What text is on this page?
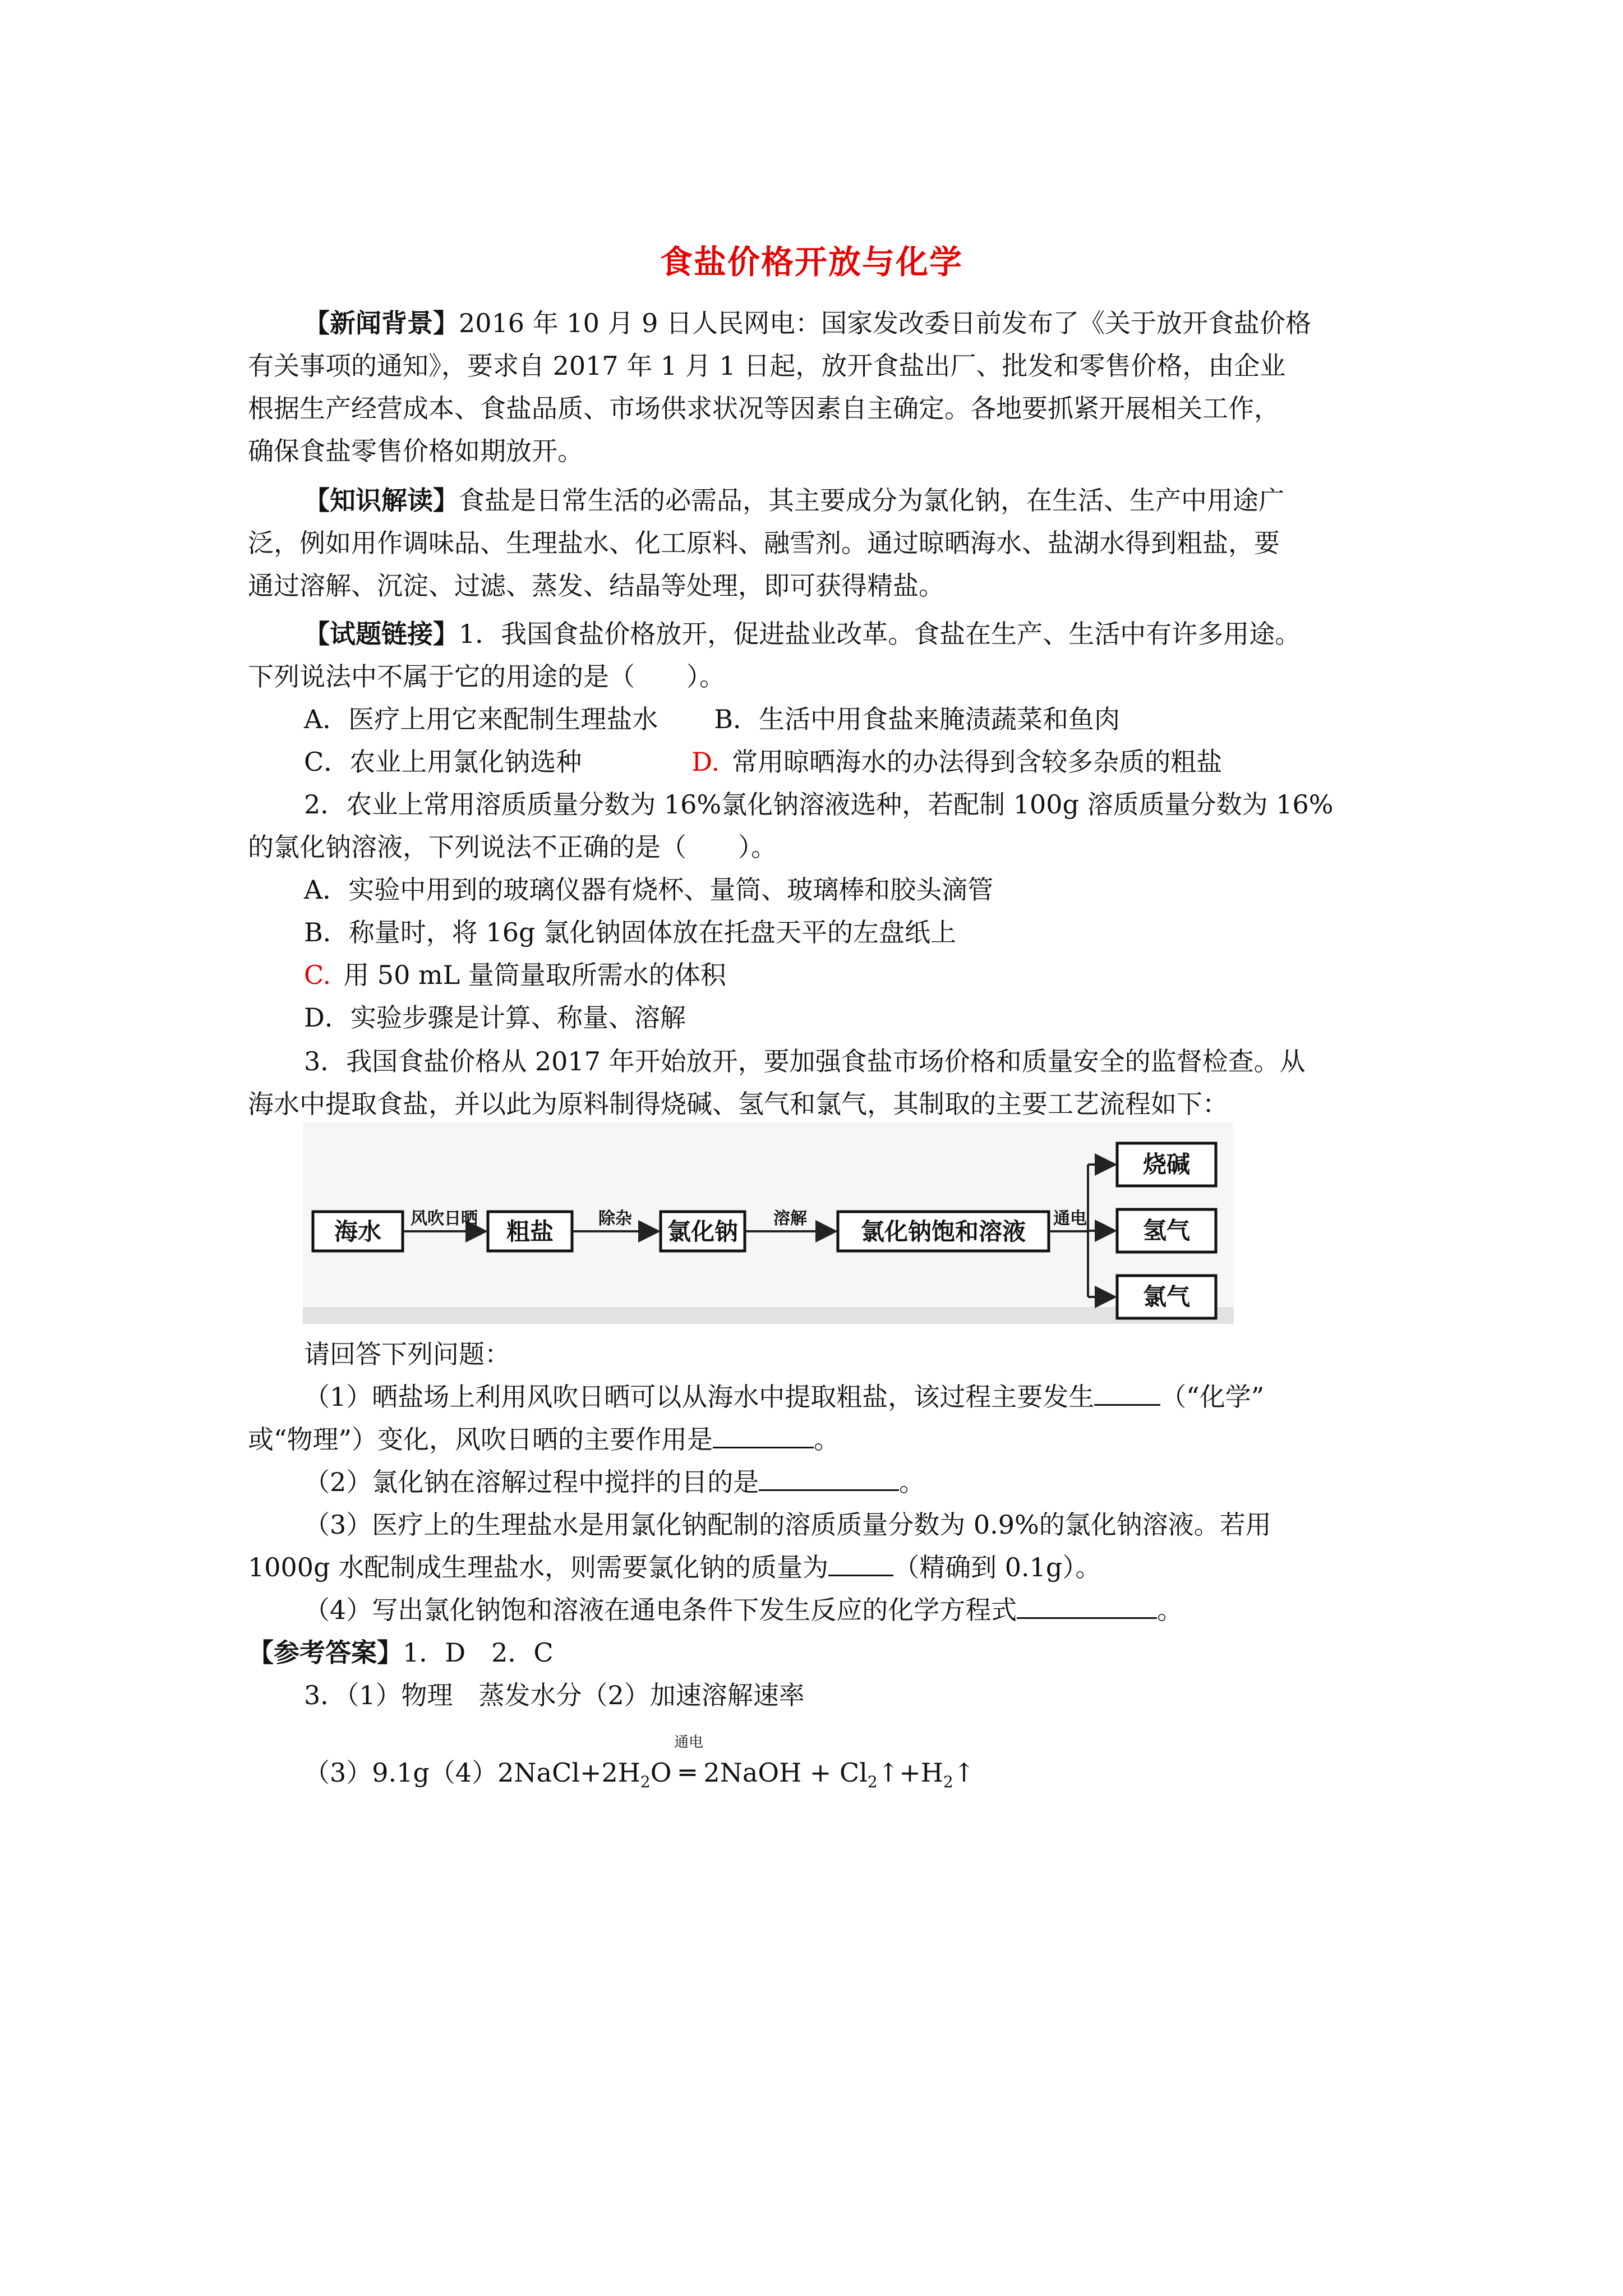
食盐价格开放与化学
【新闻背景】2016 年 10 月 9 日人民网电：国家发改委日前发布了《关于放开食盐价格
有关事项的通知》，要求自 2017 年 1 月 1 日起，放开食盐出厂、批发和零售价格，由企业
根据生产经营成本、食盐品质、市场供求状况等因素自主确定。各地要抓紧开展相关工作，
确保食盐零售价格如期放开。
【知识解读】食盐是日常生活的必需品，其主要成分为氯化钠，在生活、生产中用途广
泛，例如用作调味品、生理盐水、化工原料、融雪剂。通过晾晒海水、盐湖水得到粗盐，要
通过溶解、沉淀、过滤、蒸发、结晶等处理，即可获得精盐。
【试题链接】1．我国食盐价格放开，促进盐业改革。食盐在生产、生活中有许多用途。
下列说法中不属于它的用途的是（　　）。
A．医疗上用它来配制生理盐水 B．生活中用食盐来腌渍蔬菜和鱼肉
C．农业上用氯化钠选种	D. 常用晾晒海水的办法得到含较多杂质的粗盐
2．农业上常用溶质质量分数为 16%氯化钠溶液选种，若配制 100g 溶质质量分数为 16%
的氯化钠溶液，下列说法不正确的是（　　）。
A．实验中用到的玻璃仪器有烧杯、量筒、玻璃棒和胶头滴管
B．称量时，将 16g 氯化钠固体放在托盘天平的左盘纸上
C. 用 50 mL 量筒量取所需水的体积
D．实验步骤是计算、称量、溶解
3．我国食盐价格从 2017 年开始放开，要加强食盐市场价格和质量安全的监督检查。从
海水中提取食盐，并以此为原料制得烧碱、氢气和氯气，其制取的主要工艺流程如下：
海水	粗盐	氯化钠	氯化钠饱和溶液
烧碱
氢气
氯气
风吹日晒	除杂	溶解	通电
请回答下列问题：
（1）晒盐场上利用风吹日晒可以从海水中提取粗盐，该过程主要发生	（“化学”
或“物理”）变化，风吹日晒的主要作用是	。
（2）氯化钠在溶解过程中搅拌的目的是	。
（3）医疗上的生理盐水是用氯化钠配制的溶质质量分数为 0.9%的氯化钠溶液。若用
1000g 水配制成生理盐水，则需要氯化钠的质量为	（精确到 0.1g）。
（4）写出氯化钠饱和溶液在通电条件下发生反应的化学方程式	。
【参考答案】1．D　2．C
3．（1）物理　蒸发水分（2）加速溶解速率
$(3)9.1g(4)2NaCl+2H_2O$
通电
═ 2NaOH + $Cl_2↑+H_2↑$
